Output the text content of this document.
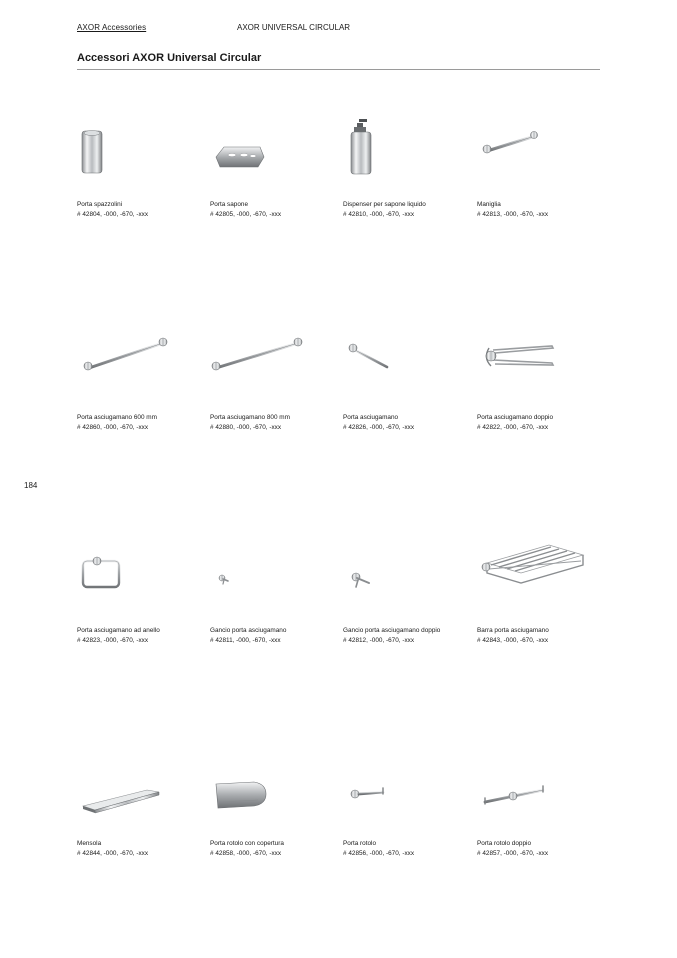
AXOR Accessories	AXOR UNIVERSAL CIRCULAR
Accessori AXOR Universal Circular
184
Porta spazzolini
# 42804, -000, -670, -xxx
Porta sapone
# 42805, -000, -670, -xxx
Dispenser per sapone liquido
# 42810, -000, -670, -xxx
Maniglia
# 42813, -000, -670, -xxx
Porta asciugamano 600 mm
# 42860, -000, -670, -xxx
Porta asciugamano 800 mm
# 42880, -000, -670, -xxx
Porta asciugamano
# 42826, -000, -670, -xxx
Porta asciugamano doppio
# 42822, -000, -670, -xxx
Porta asciugamano ad anello
# 42823, -000, -670, -xxx
Gancio porta asciugamano
# 42811, -000, -670, -xxx
Gancio porta asciugamano doppio
# 42812, -000, -670, -xxx
Barra porta asciugamano
# 42843, -000, -670, -xxx
Mensola
# 42844, -000, -670, -xxx
Porta rotolo con copertura
# 42858, -000, -670, -xxx
Porta rotolo
# 42856, -000, -670, -xxx
Porta rotolo doppio
# 42857, -000, -670, -xxx
